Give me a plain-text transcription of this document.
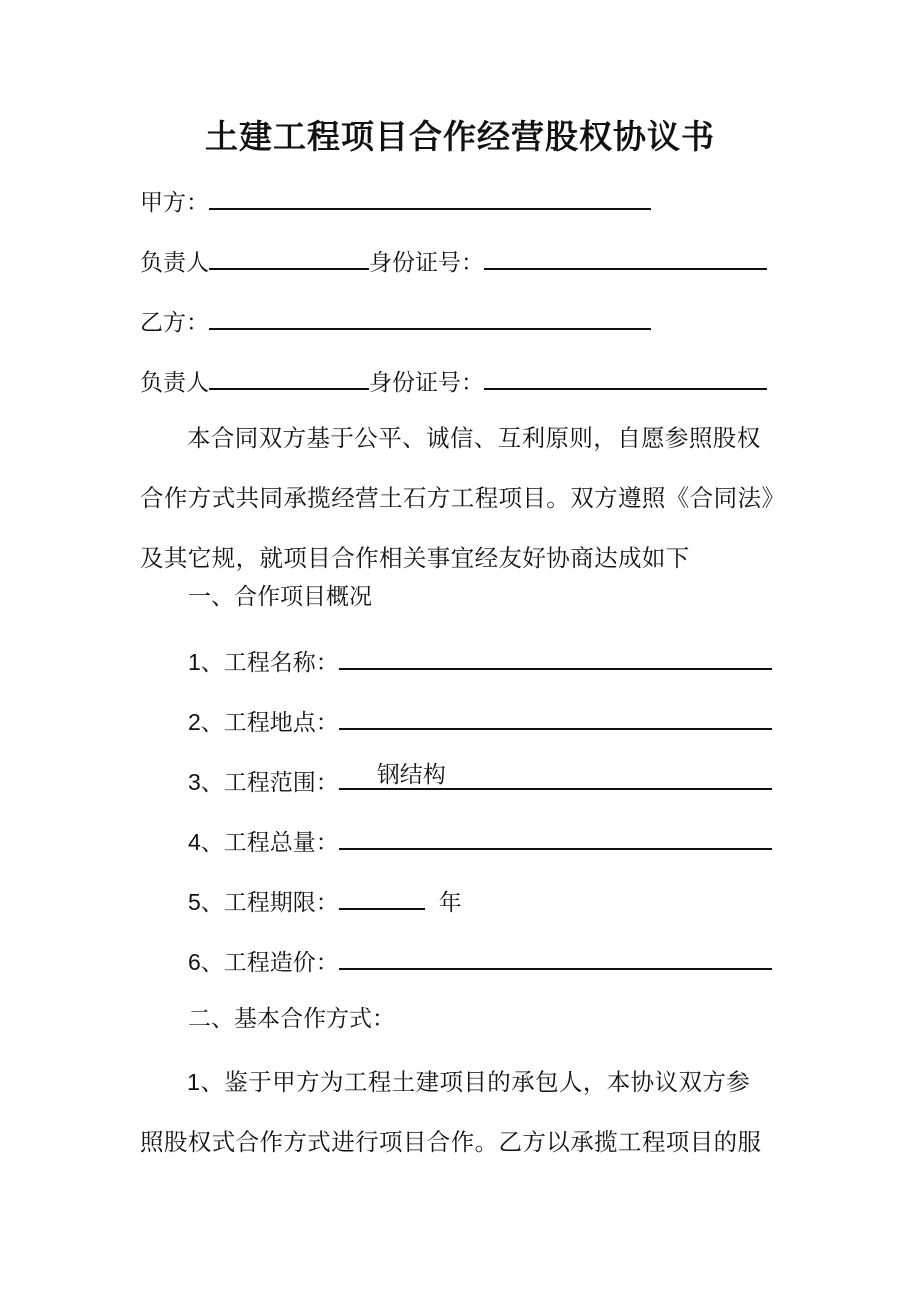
土建工程项目合作经营股权协议书
甲方：
负责人	身份证号：
乙方：
负责人	身份证号：

本合同双方基于公平、诚信、互利原则，自愿参照股权

合作方式共同承揽经营土石方工程项目。双方遵照《合同法》

及其它规，就项目合作相关事宜经友好协商达成如下

一、合作项目概况
1、工程名称：
2、工程地点：
3、工程范围： 钢结构
4、工程总量：
5、工程期限：	年
6、工程造价：
二、基本合作方式：

1、鉴于甲方为工程土建项目的承包人，本协议双方参

照股权式合作方式进行项目合作。乙方以承揽工程项目的服
